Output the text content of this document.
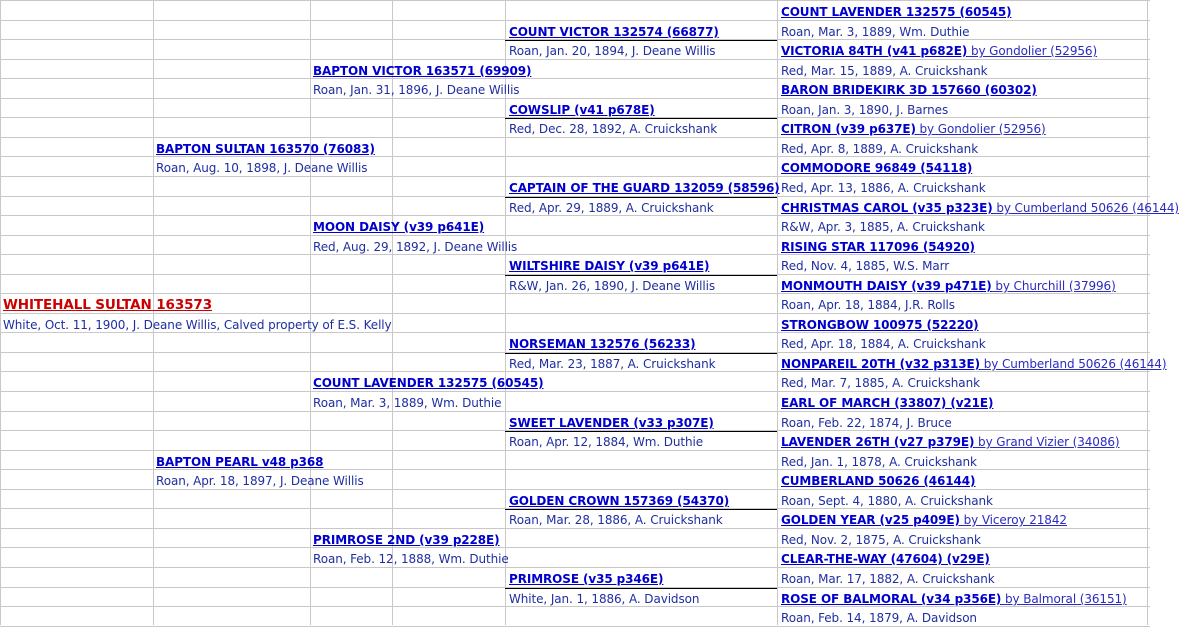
COUNT LAVENDER 132575 (60545)
Roan, Mar. 3, 1889, Wm. Duthie
VICTORIA 84TH (v41 p682E) by Gondolier (52956)
Red, Mar. 15, 1889, A. Cruickshank
BARON BRIDEKIRK 3D 157660 (60302)
Roan, Jan. 3, 1890, J. Barnes
CITRON (v39 p637E) by Gondolier (52956)
Red, Apr. 8, 1889, A. Cruickshank
COMMODORE 96849 (54118)
Red, Apr. 13, 1886, A. Cruickshank
CHRISTMAS CAROL (v35 p323E) by Cumberland 50626 (46144)
R&W, Apr. 3, 1885, A. Cruickshank
RISING STAR 117096 (54920)
Red, Nov. 4, 1885, W.S. Marr
MONMOUTH DAISY (v39 p471E) by Churchill (37996)
Roan, Apr. 18, 1884, J.R. Rolls
STRONGBOW 100975 (52220)
Red, Apr. 18, 1884, A. Cruickshank
NONPAREIL 20TH (v32 p313E) by Cumberland 50626 (46144)
Red, Mar. 7, 1885, A. Cruickshank
EARL OF MARCH (33807) (v21E)
Roan, Feb. 22, 1874, J. Bruce
LAVENDER 26TH (v27 p379E) by Grand Vizier (34086)
Red, Jan. 1, 1878, A. Cruickshank
CUMBERLAND 50626 (46144)
Roan, Sept. 4, 1880, A. Cruickshank
GOLDEN YEAR (v25 p409E) by Viceroy 21842
Red, Nov. 2, 1875, A. Cruickshank
CLEAR-THE-WAY (47604) (v29E)
Roan, Mar. 17, 1882, A. Cruickshank
ROSE OF BALMORAL (v34 p356E) by Balmoral (36151)
Roan, Feb. 14, 1879, A. Davidson
COUNT VICTOR 132574 (66877)
Roan, Jan. 20, 1894, J. Deane Willis
COWSLIP (v41 p678E)
Red, Dec. 28, 1892, A. Cruickshank
CAPTAIN OF THE GUARD 132059 (58596)
Red, Apr. 29, 1889, A. Cruickshank
WILTSHIRE DAISY (v39 p641E)
R&W, Jan. 26, 1890, J. Deane Willis
NORSEMAN 132576 (56233)
Red, Mar. 23, 1887, A. Cruickshank
SWEET LAVENDER (v33 p307E)
Roan, Apr. 12, 1884, Wm. Duthie
GOLDEN CROWN 157369 (54370)
Roan, Mar. 28, 1886, A. Cruickshank
PRIMROSE (v35 p346E)
White, Jan. 1, 1886, A. Davidson
BAPTON VICTOR 163571 (69909)
Roan, Jan. 31, 1896, J. Deane Willis
MOON DAISY (v39 p641E)
Red, Aug. 29, 1892, J. Deane Willis
COUNT LAVENDER 132575 (60545)
Roan, Mar. 3, 1889, Wm. Duthie
PRIMROSE 2ND (v39 p228E)
Roan, Feb. 12, 1888, Wm. Duthie
BAPTON SULTAN 163570 (76083)
Roan, Aug. 10, 1898, J. Deane Willis
BAPTON PEARL v48 p368
Roan, Apr. 18, 1897, J. Deane Willis
WHITEHALL SULTAN 163573
White, Oct. 11, 1900, J. Deane Willis, Calved property of E.S. Kelly
